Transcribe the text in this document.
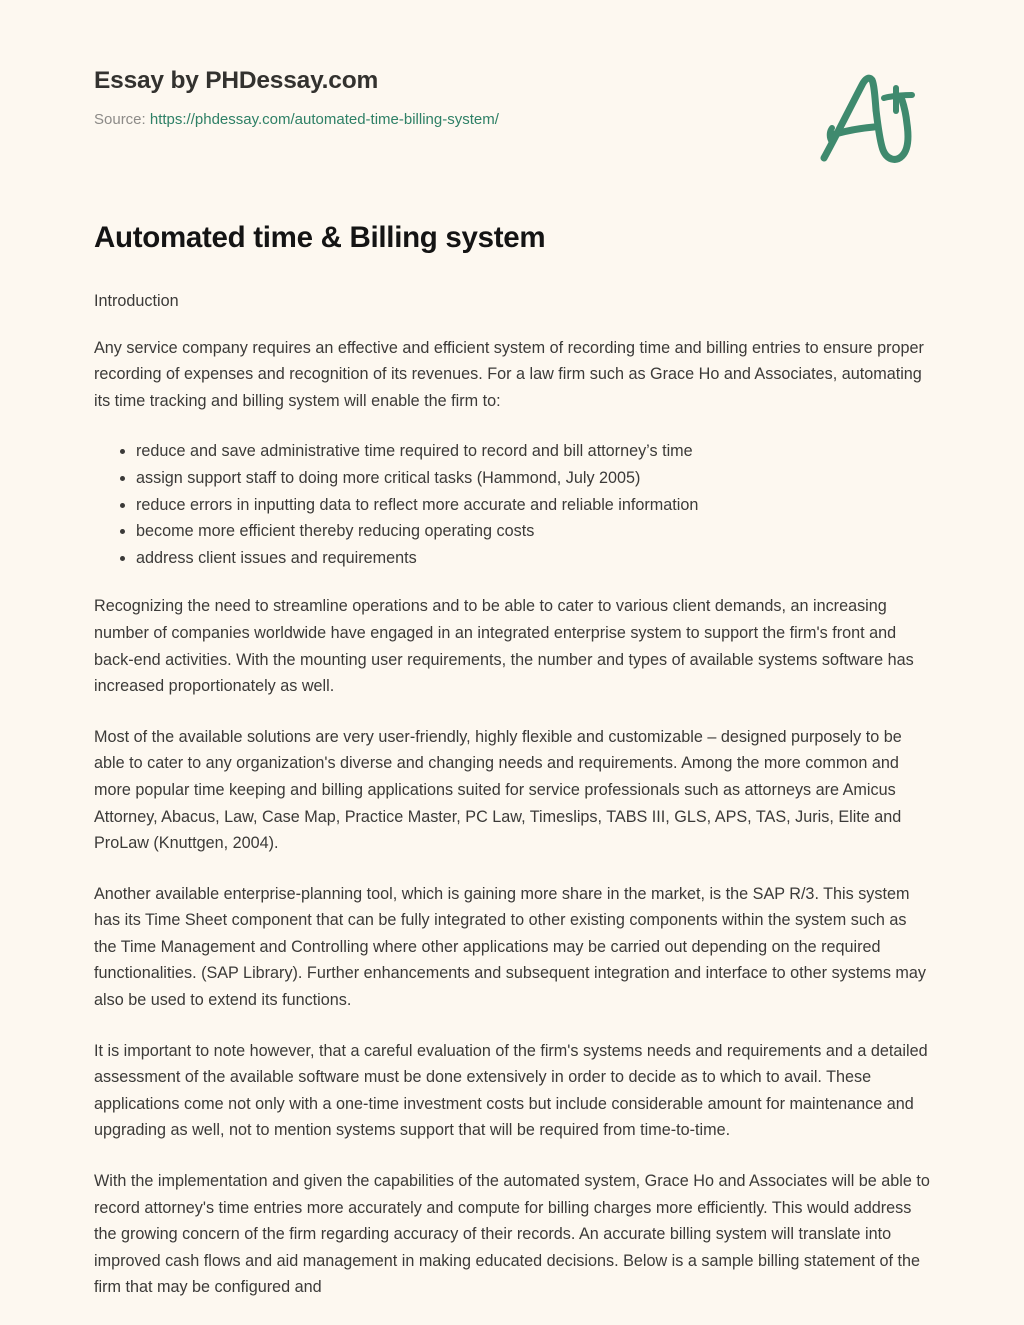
Essay by PHDessay.com
Source: https://phdessay.com/automated-time-billing-system/
Automated time & Billing system

Introduction

Any service company requires an effective and efficient system of recording time and billing entries to ensure proper recording of expenses and recognition of its revenues. For a law firm such as Grace Ho and Associates, automating its time tracking and billing system will enable the firm to:

reduce and save administrative time required to record and bill attorney’s time
assign support staff to doing more critical tasks (Hammond, July 2005)
reduce errors in inputting data to reflect more accurate and reliable information
become more efficient thereby reducing operating costs
address client issues and requirements

Recognizing the need to streamline operations and to be able to cater to various client demands, an increasing number of companies worldwide have engaged in an integrated enterprise system to support the firm's front and back-end activities. With the mounting user requirements, the number and types of available systems software has increased proportionately as well.

Most of the available solutions are very user-friendly, highly flexible and customizable – designed purposely to be able to cater to any organization's diverse and changing needs and requirements. Among the more common and more popular time keeping and billing applications suited for service professionals such as attorneys are Amicus Attorney, Abacus, Law, Case Map, Practice Master, PC Law, Timeslips, TABS III, GLS, APS, TAS, Juris, Elite and ProLaw (Knuttgen, 2004).

Another available enterprise-planning tool, which is gaining more share in the market, is the SAP R/3. This system has its Time Sheet component that can be fully integrated to other existing components within the system such as the Time Management and Controlling where other applications may be carried out depending on the required functionalities. (SAP Library). Further enhancements and subsequent integration and interface to other systems may also be used to extend its functions.

It is important to note however, that a careful evaluation of the firm's systems needs and requirements and a detailed assessment of the available software must be done extensively in order to decide as to which to avail. These applications come not only with a one-time investment costs but include considerable amount for maintenance and upgrading as well, not to mention systems support that will be required from time-to-time.

With the implementation and given the capabilities of the automated system, Grace Ho and Associates will be able to record attorney's time entries more accurately and compute for billing charges more efficiently. This would address the growing concern of the firm regarding accuracy of their records. An accurate billing system will translate into improved cash flows and aid management in making educated decisions. Below is a sample billing statement of the firm that may be configured and
